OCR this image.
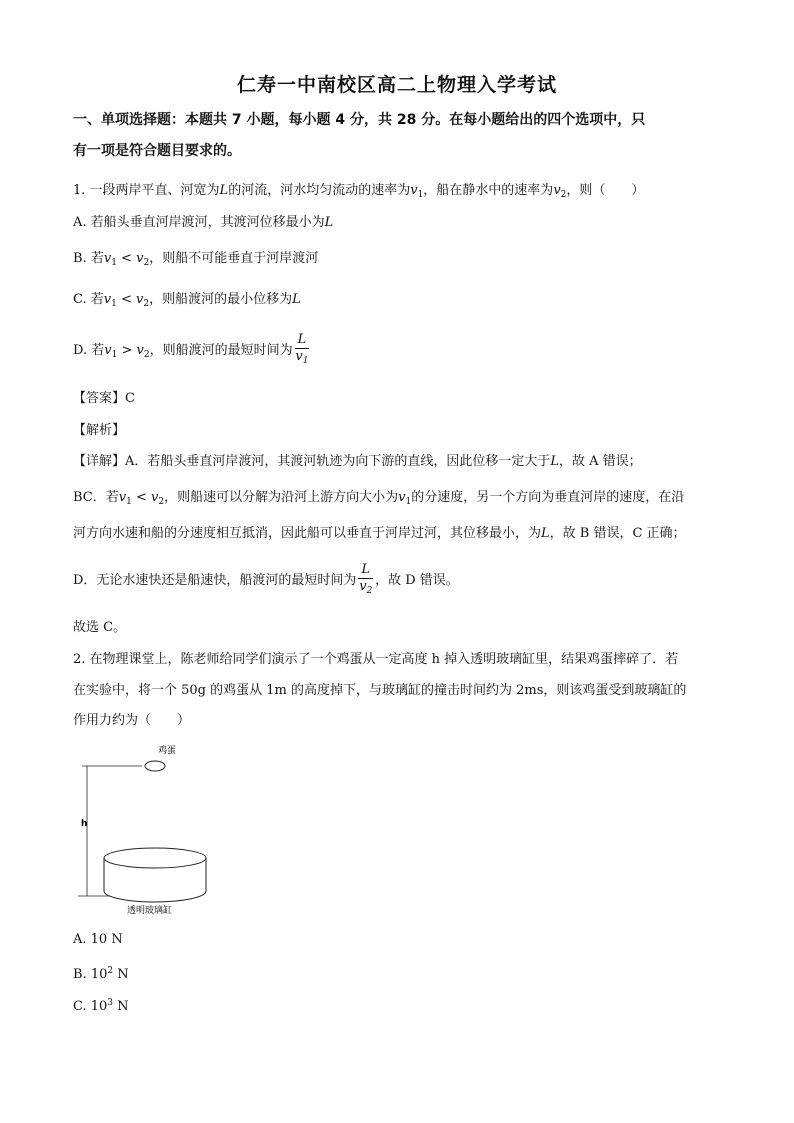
仁寿一中南校区高二上物理入学考试
一、单项选择题：本题共 7 小题，每小题 4 分，共 28 分。在每小题给出的四个选项中，只
有一项是符合题目要求的。
1. 一段两岸平直、河宽为L的河流，河水均匀流动的速率为$v_1$，船在静水中的速率为$v_2$，则（　　）
A. 若船头垂直河岸渡河，其渡河位移最小为L
B. 若$v_1 < v_2$，则船不可能垂直于河岸渡河
C. 若$v_1 < v_2$，则船渡河的最小位移为L
D. 若$v_1 > v_2$，则船渡河的最短时间为 $\frac{L}{v_1}$
【答案】C
【解析】
【详解】A．若船头垂直河岸渡河，其渡河轨迹为向下游的直线，因此位移一定大于L，故 A 错误；
BC．若$v_1 < v_2$，则船速可以分解为沿河上游方向大小为$v_1$的分速度，另一个方向为垂直河岸的速度，在沿
河方向水速和船的分速度相互抵消，因此船可以垂直于河岸过河，其位移最小，为L，故 B 错误，C 正确；
D．无论水速快还是船速快，船渡河的最短时间为 $\frac{L}{v_2}$ ，故 D 错误。
故选 C。
2. 在物理课堂上，陈老师给同学们演示了一个鸡蛋从一定高度 h 掉入透明玻璃缸里，结果鸡蛋摔碎了．若
在实验中，将一个 50g 的鸡蛋从 1m 的高度掉下，与玻璃缸的撞击时间约为 2ms，则该鸡蛋受到玻璃缸的
作用力约为（　　）
鸡蛋
h
透明玻璃缸
A. 10 N
B. $10^2$ N
C. $10^3$ N
